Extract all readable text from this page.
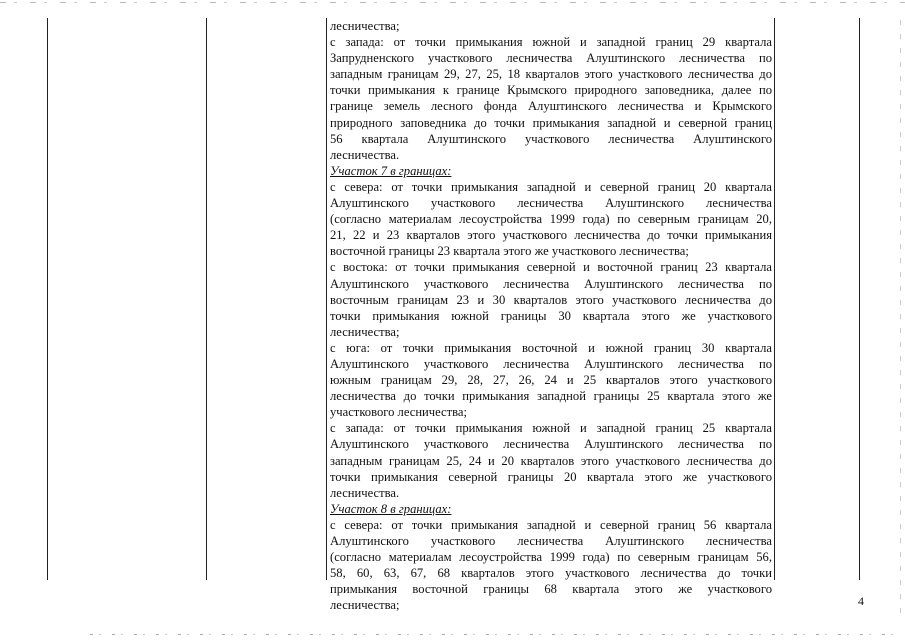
лесничества;
с запада: от точки примыкания южной и западной границ 29 квартала
Запрудненского участкового лесничества Алуштинского лесничества по
западным границам 29, 27, 25, 18 кварталов этого участкового лесничества до
точки примыкания к границе Крымского природного заповедника, далее по
границе земель лесного фонда Алуштинского лесничества и Крымского
природного заповедника до точки примыкания западной и северной границ
56 квартала Алуштинского участкового лесничества Алуштинского
лесничества.
Участок 7 в границах:
с севера: от точки примыкания западной и северной границ 20 квартала
Алуштинского участкового лесничества Алуштинского лесничества
(согласно материалам лесоустройства 1999 года) по северным границам 20,
21, 22 и 23 кварталов этого участкового лесничества до точки примыкания
восточной границы 23 квартала этого же участкового лесничества;
с востока: от точки примыкания северной и восточной границ 23 квартала
Алуштинского участкового лесничества Алуштинского лесничества по
восточным границам 23 и 30 кварталов этого участкового лесничества до
точки примыкания южной границы 30 квартала этого же участкового
лесничества;
с юга: от точки примыкания восточной и южной границ 30 квартала
Алуштинского участкового лесничества Алуштинского лесничества по
южным границам 29, 28, 27, 26, 24 и 25 кварталов этого участкового
лесничества до точки примыкания западной границы 25 квартала этого же
участкового лесничества;
с запада: от точки примыкания южной и западной границ 25 квартала
Алуштинского участкового лесничества Алуштинского лесничества по
западным границам 25, 24 и 20 кварталов этого участкового лесничества до
точки примыкания северной границы 20 квартала этого же участкового
лесничества.
Участок 8 в границах:
с севера: от точки примыкания западной и северной границ 56 квартала
Алуштинского участкового лесничества Алуштинского лесничества
(согласно материалам лесоустройства 1999 года) по северным границам 56,
58, 60, 63, 67, 68 кварталов этого участкового лесничества до точки
примыкания восточной границы 68 квартала этого же участкового
лесничества;	4
